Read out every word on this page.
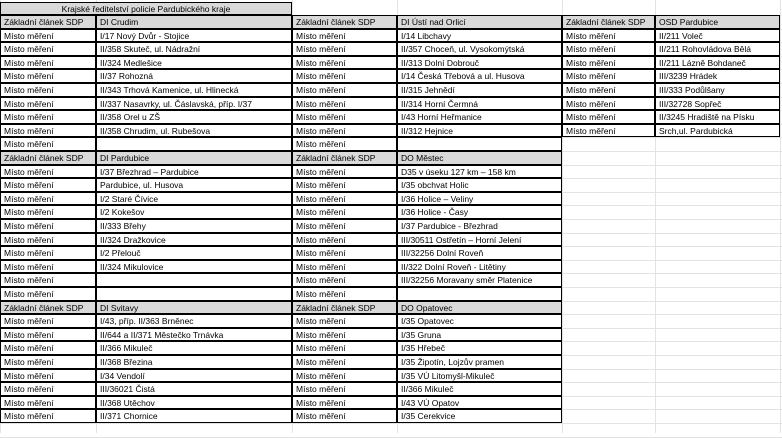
Krajské ředitelství policie Pardubického kraje
Základní článek SDP	DI Crudim
Místo měření	I/17 Nový Dvůr - Stojice
Místo měření	II/358 Skuteč, ul. Nádražní
Místo měření	II/324 Medlešice
Místo měření	II/37 Rohozná
Místo měření	II/343 Trhová Kamenice, ul. Hlinecká
Místo měření	II/337 Nasavrky, ul. Čáslavská, příp. I/37
Místo měření	II/358 Orel u ZŠ
Místo měření	II/358 Chrudim, ul. Rubešova
Místo měření
Základní článek SDP	DI Pardubice
Místo měření	I/37 Březhrad – Pardubice
Místo měření	Pardubice, ul. Husova
Místo měření	I/2 Staré Čívice
Místo měření	I/2 Kokešov
Místo měření	II/333 Břehy
Místo měření	II/324 Dražkovice
Místo měření	I/2 Přelouč
Místo měření	II/324 Mikulovice
Místo měření
Místo měření
Základní článek SDP	DI Svitavy
Místo měření	I/43, příp. II/363 Brněnec
Místo měření	II/644 a II/371 Městečko Trnávka
Místo měření	II/366 Mikuleč
Místo měření	II/368 Březina
Místo měření	I/34 Vendolí
Místo měření	III/36021 Čistá
Místo měření	II/368 Utěchov
Místo měření	II/371 Chornice
Základní článek SDP	DI Ústí nad Orlicí
Místo měření	I/14 Libchavy
Místo měření	II/357 Choceň, ul. Vysokomýtská
Místo měření	II/313 Dolní Dobrouč
Místo měření	I/14 Česká Třebová a ul. Husova
Místo měření	II/315 Jehnědí
Místo měření	II/314 Horní Čermná
Místo měření	I/43 Horní Heřmanice
Místo měření	II/312 Hejnice
Místo měření
Základní článek SDP	DO Městec
Místo měření	D35 v úseku 127 km – 158 km
Místo měření	I/35 obchvat Holic
Místo měření	I/36 Holice – Veliny
Místo měření	I/36 Holice - Časy
Místo měření	I/37 Pardubice - Březhrad
Místo měření	III/30511 Ostřetín – Horní Jelení
Místo měření	III/32256 Dolní Roveň
Místo měření	II/322 Dolní Roveň - Litětiny
Místo měření	III/32256 Moravany směr Platenice
Místo měření
Základní článek SDP	DO Opatovec
Místo měření	I/35 Opatovec
Místo měření	I/35 Gruna
Místo měření	I/35 Hřebeč
Místo měření	I/35 Žipotín, Lojzův pramen
Místo měření	I/35 VÚ Litomyšl-Mikuleč
Místo měření	II/366 Mikuleč
Místo měření	I/43 VÚ Opatov
Místo měření	I/35 Cerekvice
Základní článek SDP	OSD Pardubice
Místo měření	II/211 Voleč
Místo měření	II/211 Rohovládova Bělá
Místo měření	II/211 Lázně Bohdaneč
Místo měření	III/3239 Hrádek
Místo měření	III/333 Podůlšany
Místo měření	III/32728 Sopřeč
Místo měření	II/3245 Hradiště na Písku
Místo měření	Srch,ul. Pardubická
